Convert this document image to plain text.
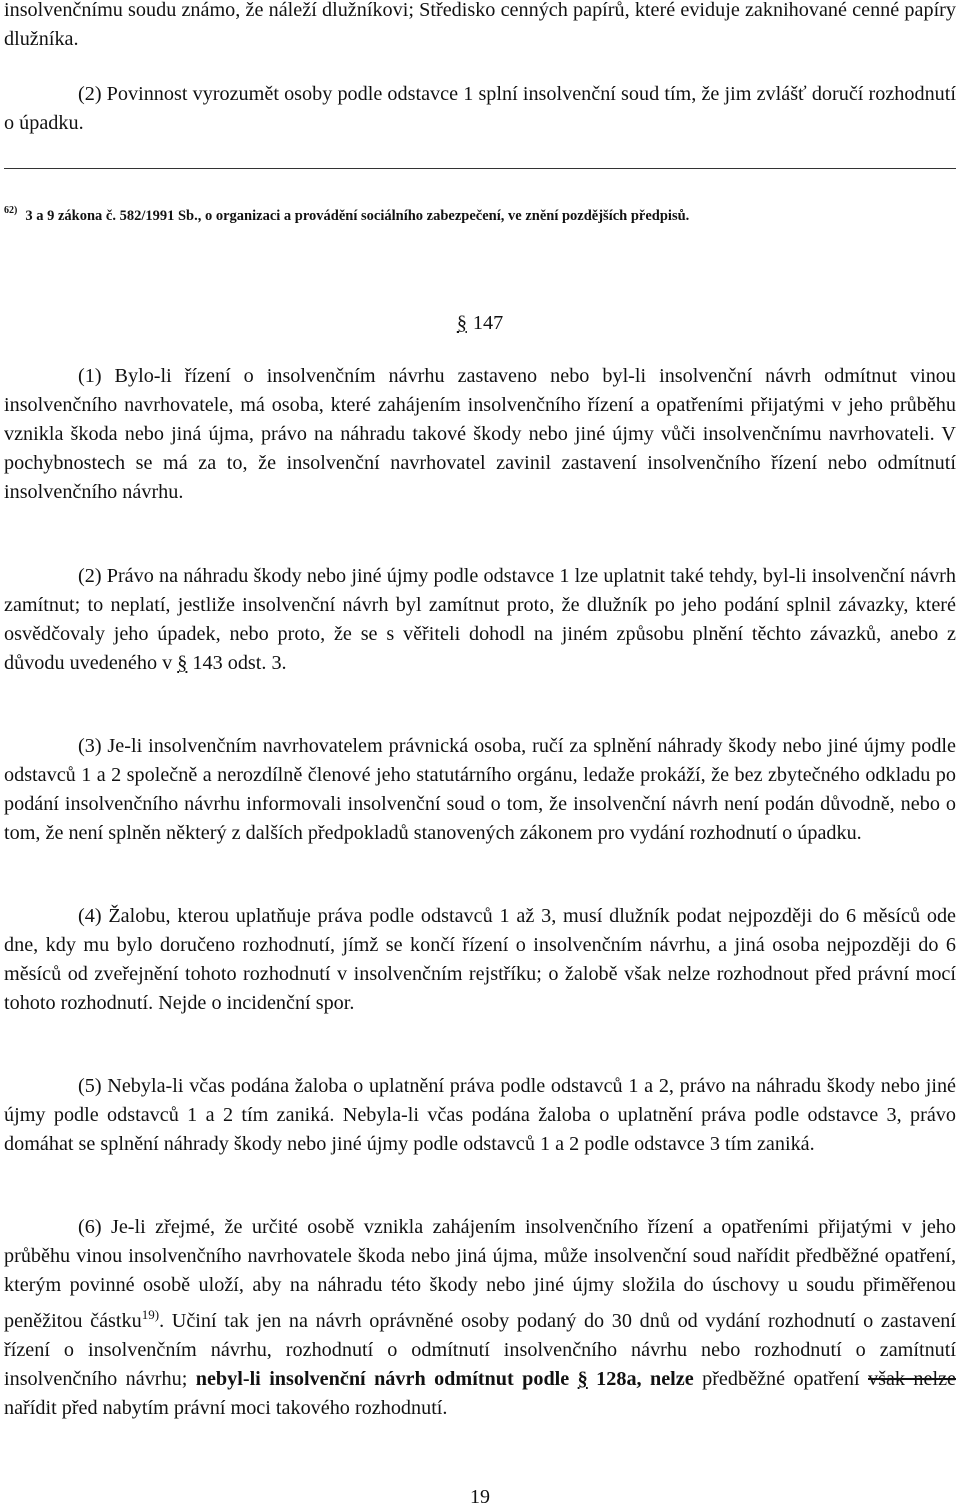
insolvenčnímu soudu známo, že náleží dlužníkovi; Středisko cenných papírů, které eviduje zaknihované cenné papíry dlužníka.

(2) Povinnost vyrozumět osoby podle odstavce 1 splní insolvenční soud tím, že jim zvlášť doručí rozhodnutí o úpadku.

$^{62)}$ 3 a 9 zákona č. 582/1991 Sb., o organizaci a provádění sociálního zabezpečení, ve znění pozdějších předpisů.

§ 147

(1) Bylo-li řízení o insolvenčním návrhu zastaveno nebo byl-li insolvenční návrh odmítnut vinou insolvenčního navrhovatele, má osoba, které zahájením insolvenčního řízení a opatřeními přijatými v jeho průběhu vznikla škoda nebo jiná újma, právo na náhradu takové škody nebo jiné újmy vůči insolvenčnímu navrhovateli. V pochybnostech se má za to, že insolvenční navrhovatel zavinil zastavení insolvenčního řízení nebo odmítnutí insolvenčního návrhu.

(2) Právo na náhradu škody nebo jiné újmy podle odstavce 1 lze uplatnit také tehdy, byl-li insolvenční návrh zamítnut; to neplatí, jestliže insolvenční návrh byl zamítnut proto, že dlužník po jeho podání splnil závazky, které osvědčovaly jeho úpadek, nebo proto, že se s věřiteli dohodl na jiném způsobu plnění těchto závazků, anebo z důvodu uvedeného v § 143 odst. 3.

(3) Je-li insolvenčním navrhovatelem právnická osoba, ručí za splnění náhrady škody nebo jiné újmy podle odstavců 1 a 2 společně a nerozdílně členové jeho statutárního orgánu, ledaže prokáží, že bez zbytečného odkladu po podání insolvenčního návrhu informovali insolvenční soud o tom, že insolvenční návrh není podán důvodně, nebo o tom, že není splněn některý z dalších předpokladů stanovených zákonem pro vydání rozhodnutí o úpadku.

(4) Žalobu, kterou uplatňuje práva podle odstavců 1 až 3, musí dlužník podat nejpozději do 6 měsíců ode dne, kdy mu bylo doručeno rozhodnutí, jímž se končí řízení o insolvenčním návrhu, a jiná osoba nejpozději do 6 měsíců od zveřejnění tohoto rozhodnutí v insolvenčním rejstříku; o žalobě však nelze rozhodnout před právní mocí tohoto rozhodnutí. Nejde o incidenční spor.

(5) Nebyla-li včas podána žaloba o uplatnění práva podle odstavců 1 a 2, právo na náhradu škody nebo jiné újmy podle odstavců 1 a 2 tím zaniká. Nebyla-li včas podána žaloba o uplatnění práva podle odstavce 3, právo domáhat se splnění náhrady škody nebo jiné újmy podle odstavců 1 a 2 podle odstavce 3 tím zaniká.

(6) Je-li zřejmé, že určité osobě vznikla zahájením insolvenčního řízení a opatřeními přijatými v jeho průběhu vinou insolvenčního navrhovatele škoda nebo jiná újma, může insolvenční soud nařídit předběžné opatření, kterým povinné osobě uloží, aby na náhradu této škody nebo jiné újmy složila do úschovy u soudu přiměřenou peněžitou částku$^{19)}$. Učiní tak jen na návrh oprávněné osoby podaný do 30 dnů od vydání rozhodnutí o zastavení řízení o insolvenčním návrhu, rozhodnutí o odmítnutí insolvenčního návrhu nebo rozhodnutí o zamítnutí insolvenčního návrhu; nebyl-li insolvenční návrh odmítnut podle § 128a, nelze předběžné opatření však nelze nařídit před nabytím právní moci takového rozhodnutí.

19
